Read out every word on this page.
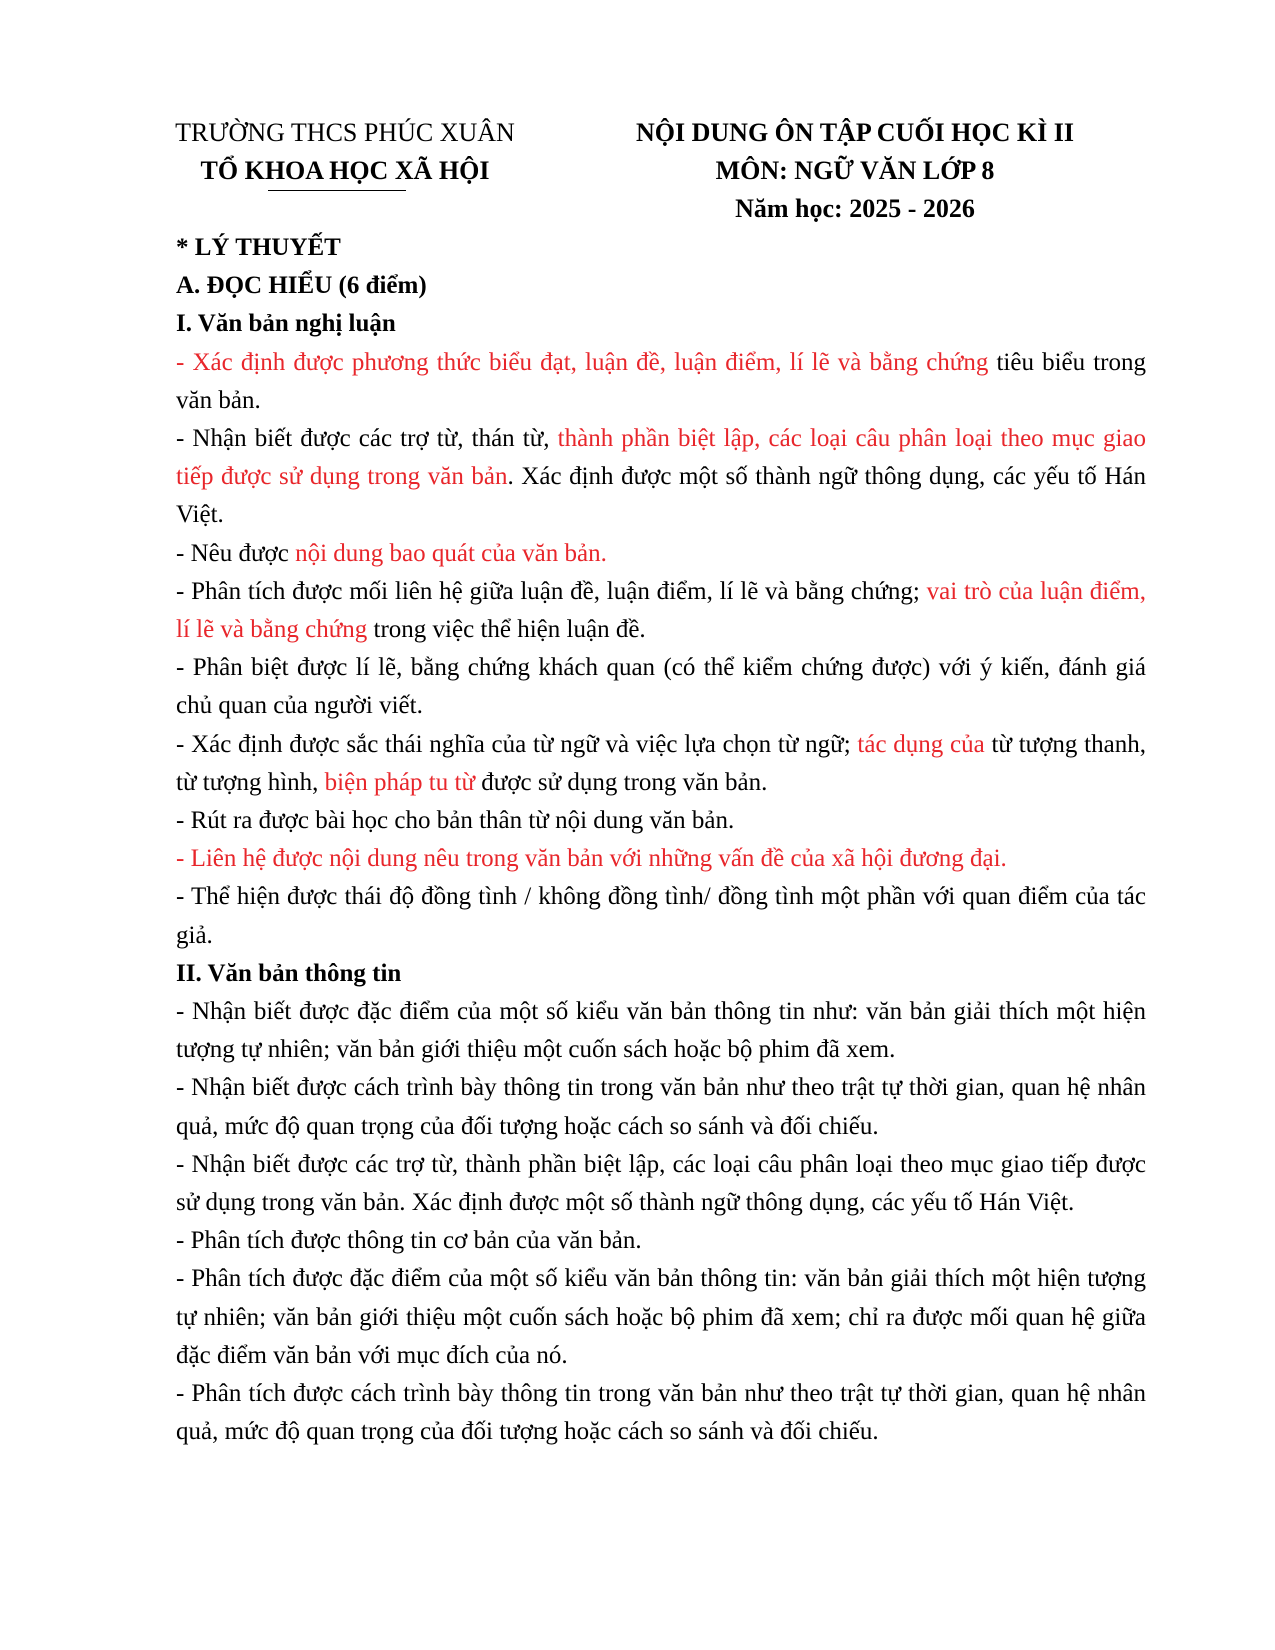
TRƯỜNG THCS PHÚC XUÂN
TỔ KHOA HỌC XÃ HỘI
NỘI DUNG ÔN TẬP CUỐI HỌC KÌ II
MÔN: NGỮ VĂN LỚP 8
Năm học: 2025 - 2026

* LÝ THUYẾT

A. ĐỌC HIỂU (6 điểm)

I. Văn bản nghị luận

- Xác định được phương thức biểu đạt, luận đề, luận điểm, lí lẽ và bằng chứng tiêu biểu trong văn bản.

- Nhận biết được các trợ từ, thán từ, thành phần biệt lập, các loại câu phân loại theo mục giao tiếp được sử dụng trong văn bản. Xác định được một số thành ngữ thông dụng, các yếu tố Hán Việt.

- Nêu được nội dung bao quát của văn bản.

- Phân tích được mối liên hệ giữa luận đề, luận điểm, lí lẽ và bằng chứng; vai trò của luận điểm, lí lẽ và bằng chứng trong việc thể hiện luận đề.

- Phân biệt được lí lẽ, bằng chứng khách quan (có thể kiểm chứng được) với ý kiến, đánh giá chủ quan của người viết.

- Xác định được sắc thái nghĩa của từ ngữ và việc lựa chọn từ ngữ; tác dụng của từ tượng thanh, từ tượng hình, biện pháp tu từ được sử dụng trong văn bản.

- Rút ra được bài học cho bản thân từ nội dung văn bản.

- Liên hệ được nội dung nêu trong văn bản với những vấn đề của xã hội đương đại.

- Thể hiện được thái độ đồng tình / không đồng tình/ đồng tình một phần với quan điểm của tác giả.

II. Văn bản thông tin

- Nhận biết được đặc điểm của một số kiểu văn bản thông tin như: văn bản giải thích một hiện tượng tự nhiên; văn bản giới thiệu một cuốn sách hoặc bộ phim đã xem.

- Nhận biết được cách trình bày thông tin trong văn bản như theo trật tự thời gian, quan hệ nhân quả, mức độ quan trọng của đối tượng hoặc cách so sánh và đối chiếu.

- Nhận biết được các trợ từ, thành phần biệt lập, các loại câu phân loại theo mục giao tiếp được sử dụng trong văn bản. Xác định được một số thành ngữ thông dụng, các yếu tố Hán Việt.

- Phân tích được thông tin cơ bản của văn bản.

- Phân tích được đặc điểm của một số kiểu văn bản thông tin: văn bản giải thích một hiện tượng tự nhiên; văn bản giới thiệu một cuốn sách hoặc bộ phim đã xem; chỉ ra được mối quan hệ giữa đặc điểm văn bản với mục đích của nó.

- Phân tích được cách trình bày thông tin trong văn bản như theo trật tự thời gian, quan hệ nhân quả, mức độ quan trọng của đối tượng hoặc cách so sánh và đối chiếu.
